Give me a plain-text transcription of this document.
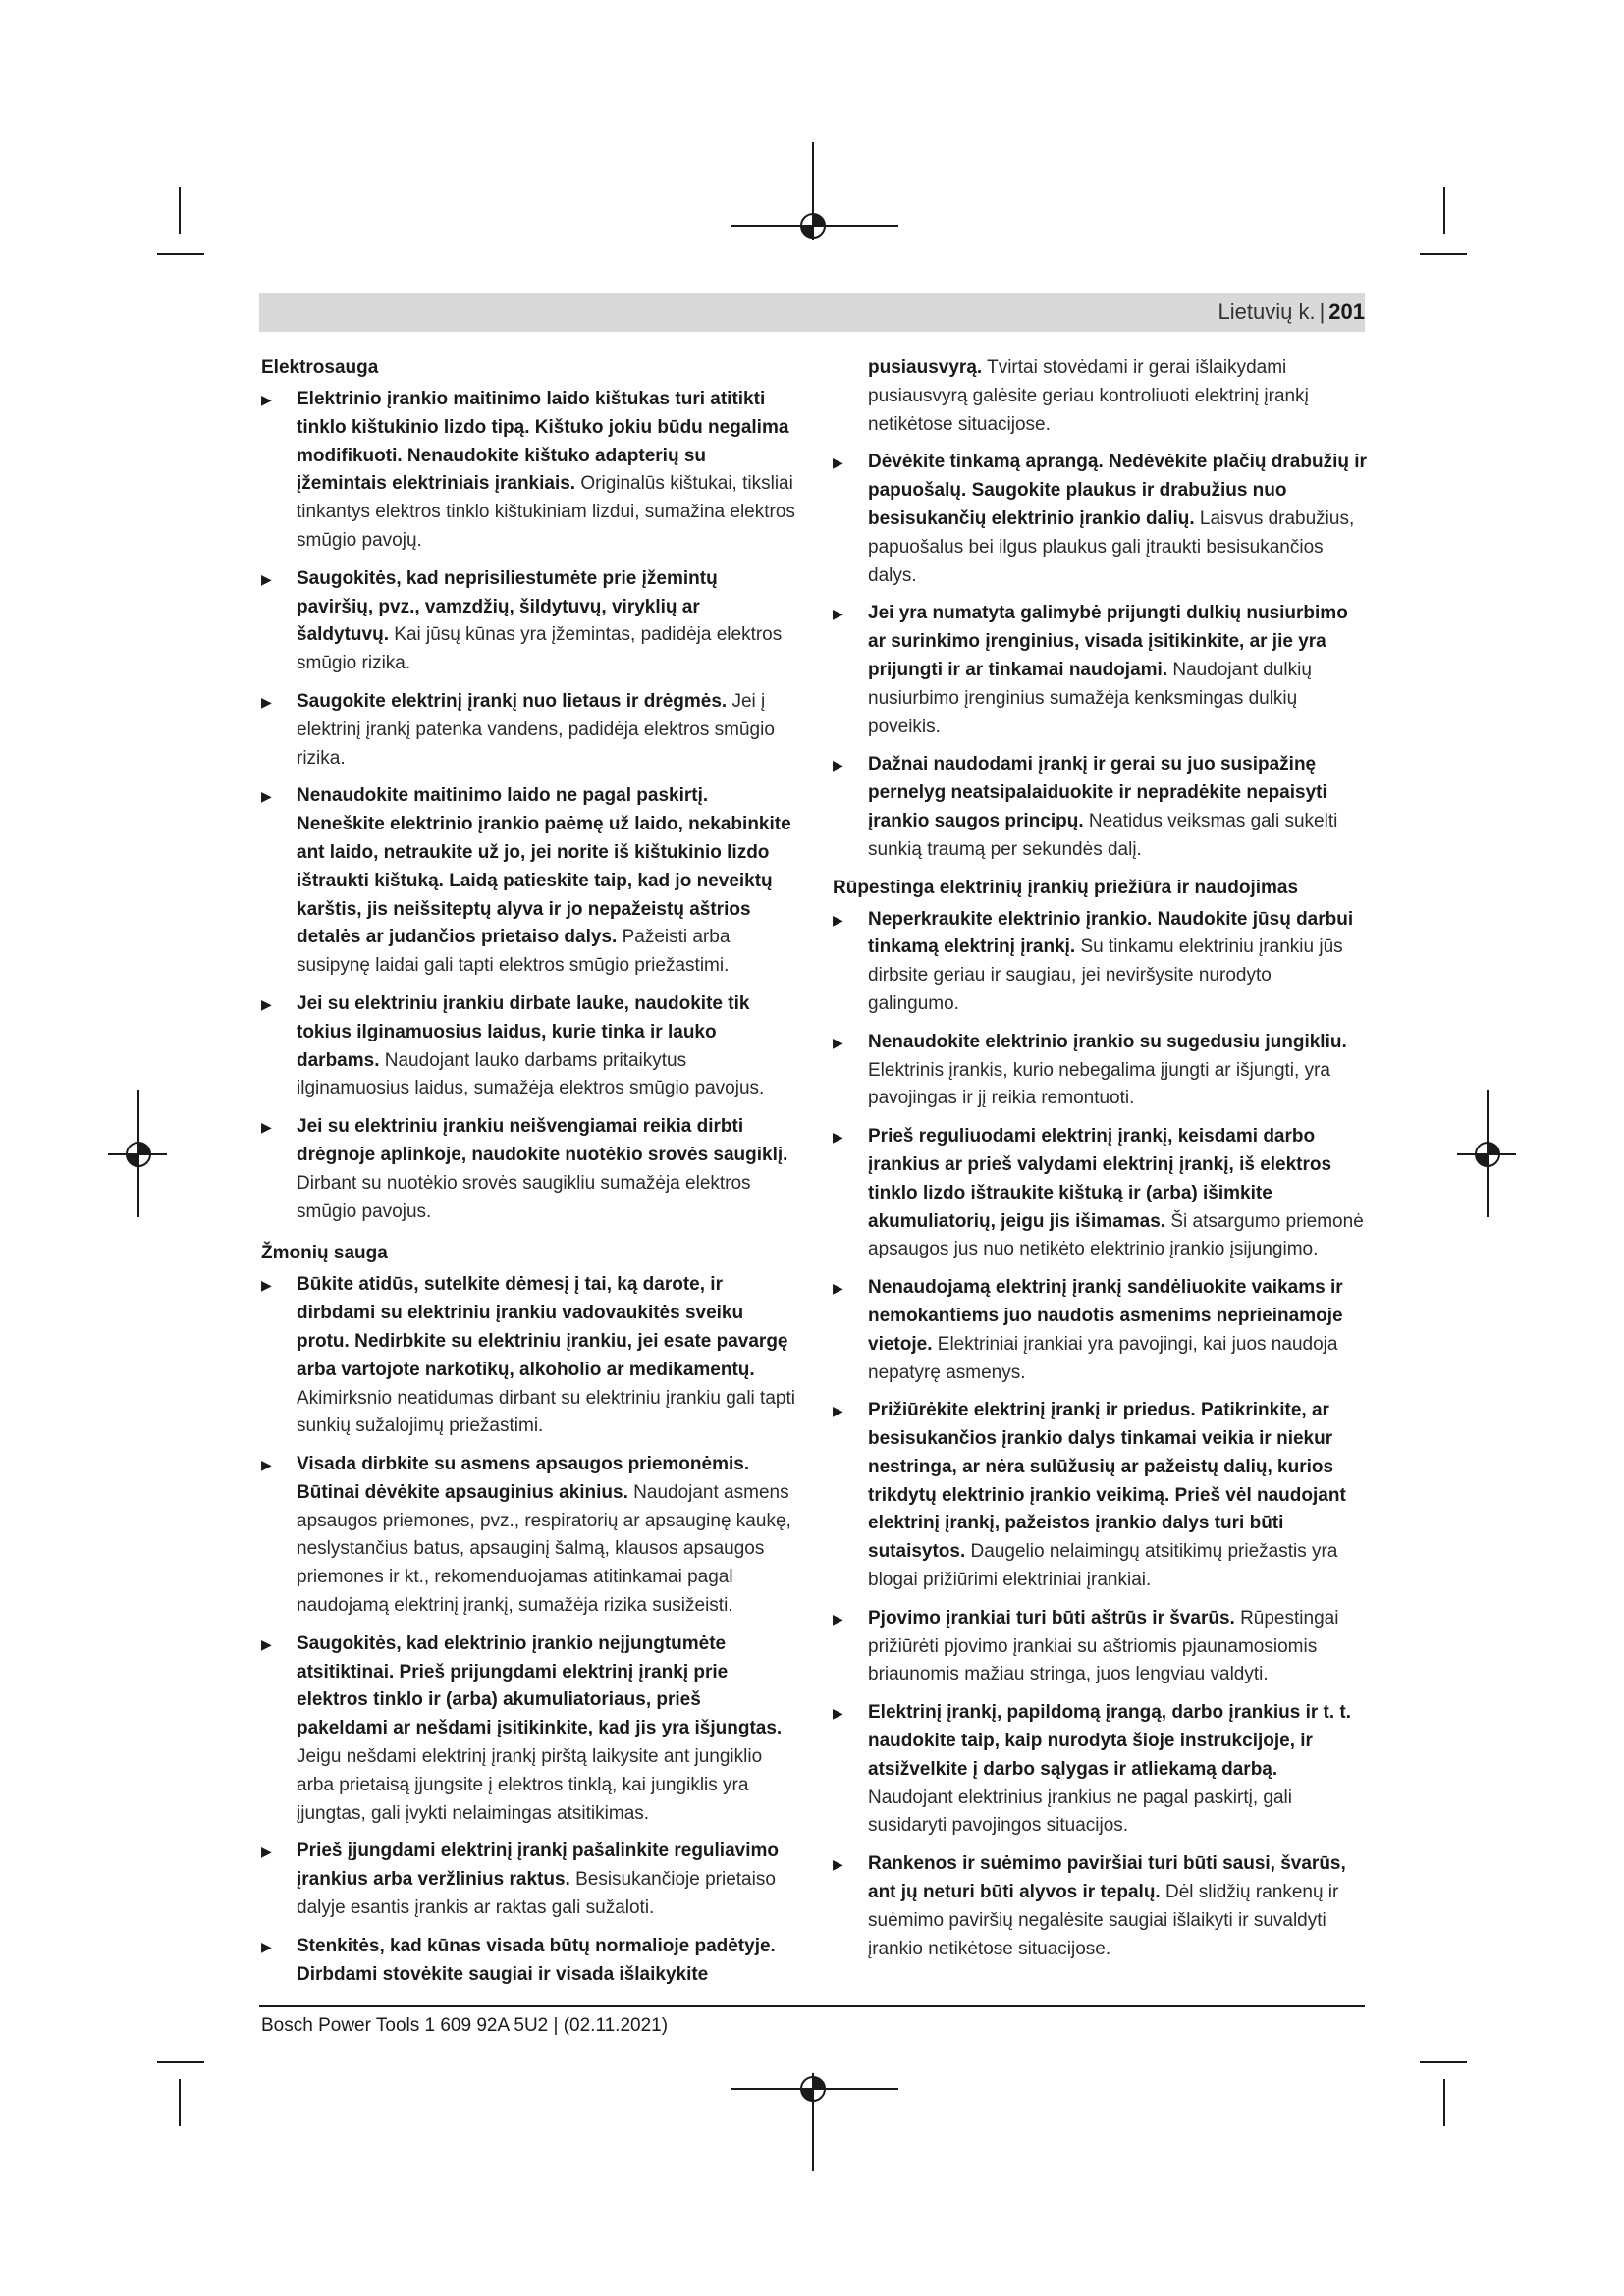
Lietuvių k. | 201
Elektrosauga
▶ Elektrinio įrankio maitinimo laido kištukas turi atitikti tinklo kištukinio lizdo tipą. Kištuko jokiu būdu negalima modifikuoti. Nenaudokite kištuko adapterių su įžemintais elektriniais įrankiais. Originalūs kištukai, tiksliai tinkantys elektros tinklo kištukiniam lizdui, sumažina elektros smūgio pavojų.
▶ Saugokitės, kad neprisiliestumėte prie įžemintų paviršių, pvz., vamzdžių, šildytuvų, viryklių ar šaldytuvų. Kai jūsų kūnas yra įžemintas, padidėja elektros smūgio rizika.
▶ Saugokite elektrinį įrankį nuo lietaus ir drėgmės. Jei į elektrinį įrankį patenka vandens, padidėja elektros smūgio rizika.
▶ Nenaudokite maitinimo laido ne pagal paskirtį. Neneškite elektrinio įrankio paėmę už laido, nekabinkite ant laido, netraukite už jo, jei norite iš kištukinio lizdo ištraukti kištuką. Laidą patieskite taip, kad jo neveiktų karštis, jis neišsiteptų alyva ir jo nepažeistų aštrios detalės ar judančios prietaiso dalys. Pažeisti arba susipynę laidai gali tapti elektros smūgio priežastimi.
▶ Jei su elektriniu įrankiu dirbate lauke, naudokite tik tokius ilginamuosius laidus, kurie tinka ir lauko darbams. Naudojant lauko darbams pritaikytus ilginamuosius laidus, sumažėja elektros smūgio pavojus.
▶ Jei su elektriniu įrankiu neišvengiamai reikia dirbti drėgnoje aplinkoje, naudokite nuotėkio srovės saugiklį. Dirbant su nuotėkio srovės saugikliu sumažėja elektros smūgio pavojus.
Žmonių sauga
▶ Būkite atidūs, sutelkite dėmesį į tai, ką darote, ir dirbdami su elektriniu įrankiu vadovaukitės sveiku protu. Nedirbkite su elektriniu įrankiu, jei esate pavargę arba vartojote narkotikų, alkoholio ar medikamentų. Akimirksnio neatidumas dirbant su elektriniu įrankiu gali tapti sunkių sužalojimų priežastimi.
▶ Visada dirbkite su asmens apsaugos priemonėmis. Būtinai dėvėkite apsauginius akinius. Naudojant asmens apsaugos priemones, pvz., respiratorių ar apsauginę kaukę, neslystančius batus, apsauginį šalmą, klausos apsaugos priemones ir kt., rekomenduojamas atitinkamai pagal naudojamą elektrinį įrankį, sumažėja rizika susižeisti.
▶ Saugokitės, kad elektrinio įrankio neįjungtumėte atsitiktinai. Prieš prijungdami elektrinį įrankį prie elektros tinklo ir (arba) akumuliatoriaus, prieš pakeldami ar nešdami įsitikinkite, kad jis yra išjungtas. Jeigu nešdami elektrinį įrankį pirštą laikysite ant jungiklio arba prietaisą įjungsite į elektros tinklą, kai jungiklis yra įjungtas, gali įvykti nelaimingas atsitikimas.
▶ Prieš įjungdami elektrinį įrankį pašalinkite reguliavimo įrankius arba veržlinius raktus. Besisukančioje prietaiso dalyje esantis įrankis ar raktas gali sužaloti.
▶ Stenkitės, kad kūnas visada būtų normalioje padėtyje. Dirbdami stovėkite saugiai ir visada išlaikykite
pusiausvyrą. Tvirtai stovėdami ir gerai išlaikydami pusiausvyrą galėsite geriau kontroliuoti elektrinį įrankį netikėtose situacijose.
▶ Dėvėkite tinkamą aprangą. Nedėvėkite plačių drabužių ir papuošalų. Saugokite plaukus ir drabužius nuo besisukančių elektrinio įrankio dalių. Laisvus drabužius, papuošalus bei ilgus plaukus gali įtraukti besisukančios dalys.
▶ Jei yra numatyta galimybė prijungti dulkių nusiurbimo ar surinkimo įrenginius, visada įsitikinkite, ar jie yra prijungti ir ar tinkamai naudojami. Naudojant dulkių nusiurbimo įrenginius sumažėja kenksmingas dulkių poveikis.
▶ Dažnai naudodami įrankį ir gerai su juo susipažinę pernelyg neatsipalaiduokite ir nepradėkite nepaisyti įrankio saugos principų. Neatidus veiksmas gali sukelti sunkią traumą per sekundės dalį.
Rūpestinga elektrinių įrankių priežiūra ir naudojimas
▶ Neperkraukite elektrinio įrankio. Naudokite jūsų darbui tinkamą elektrinį įrankį. Su tinkamu elektriniu įrankiu jūs dirbsite geriau ir saugiau, jei neviršysite nurodyto galingumo.
▶ Nenaudokite elektrinio įrankio su sugedusiu jungikliu. Elektrinis įrankis, kurio nebegalima įjungti ar išjungti, yra pavojingas ir jį reikia remontuoti.
▶ Prieš reguliuodami elektrinį įrankį, keisdami darbo įrankius ar prieš valydami elektrinį įrankį, iš elektros tinklo lizdo ištraukite kištuką ir (arba) išimkite akumuliatorių, jeigu jis išimamas. Ši atsargumo priemonė apsaugos jus nuo netikėto elektrinio įrankio įsijungimo.
▶ Nenaudojamą elektrinį įrankį sandėliuokite vaikams ir nemokantiems juo naudotis asmenims neprieinamoje vietoje. Elektriniai įrankiai yra pavojingi, kai juos naudoja nepatyrę asmenys.
▶ Prižiūrėkite elektrinį įrankį ir priedus. Patikrinkite, ar besisukančios įrankio dalys tinkamai veikia ir niekur nestringa, ar nėra sulūžusių ar pažeistų dalių, kurios trikdytų elektrinio įrankio veikimą. Prieš vėl naudojant elektrinį įrankį, pažeistos įrankio dalys turi būti sutaisytos. Daugelio nelaimingų atsitikimų priežastis yra blogai prižiūrimi elektriniai įrankiai.
▶ Pjovimo įrankiai turi būti aštrūs ir švarūs. Rūpestingai prižiūrėti pjovimo įrankiai su aštriomis pjaunamosiomis briaunomis mažiau stringa, juos lengviau valdyti.
▶ Elektrinį įrankį, papildomą įrangą, darbo įrankius ir t. t. naudokite taip, kaip nurodyta šioje instrukcijoje, ir atsižvelkite į darbo sąlygas ir atliekamą darbą. Naudojant elektrinius įrankius ne pagal paskirtį, gali susidaryti pavojingos situacijos.
▶ Rankenos ir suėmimo paviršiai turi būti sausi, švarūs, ant jų neturi būti alyvos ir tepalų. Dėl slidžių rankenų ir suėmimo paviršių negalėsite saugiai išlaikyti ir suvaldyti įrankio netikėtose situacijose.
Bosch Power Tools 1 609 92A 5U2 | (02.11.2021)
